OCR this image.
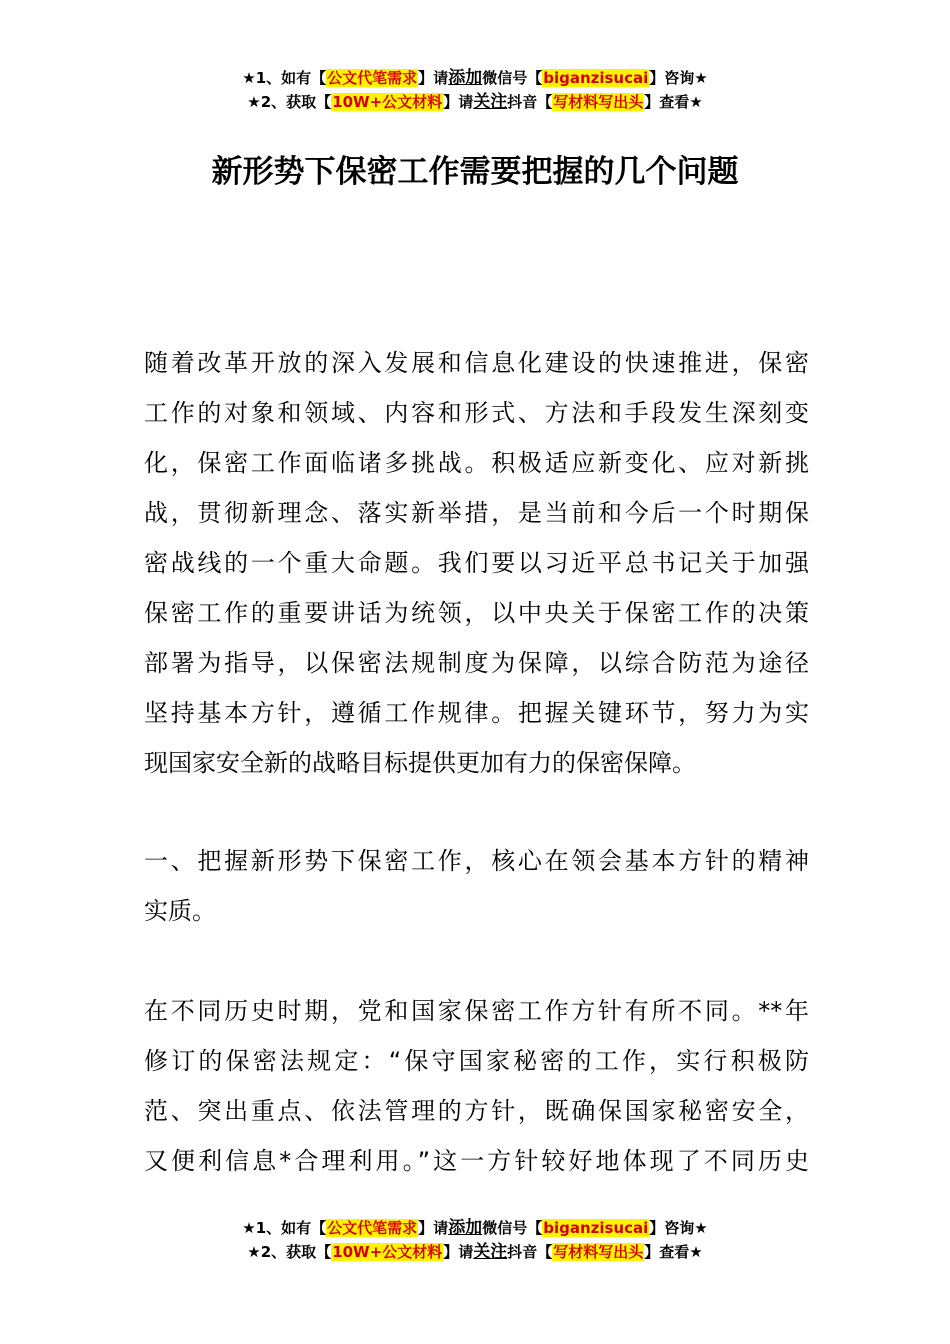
★1、如有【公文代笔需求】请添加微信号【biganzisucai】咨询★
★2、获取【10W+公文材料】请关注抖音【写材料写出头】查看★
新形势下保密工作需要把握的几个问题
随着改革开放的深入发展和信息化建设的快速推进，保密
工作的对象和领域、内容和形式、方法和手段发生深刻变
化，保密工作面临诸多挑战。积极适应新变化、应对新挑
战，贯彻新理念、落实新举措，是当前和今后一个时期保
密战线的一个重大命题。我们要以习近平总书记关于加强
保密工作的重要讲话为统领，以中央关于保密工作的决策
部署为指导，以保密法规制度为保障，以综合防范为途径
坚持基本方针，遵循工作规律。把握关键环节，努力为实
现国家安全新的战略目标提供更加有力的保密保障。
一、把握新形势下保密工作，核心在领会基本方针的精神
实质。
在不同历史时期，党和国家保密工作方针有所不同。**年
修订的保密法规定：“保守国家秘密的工作，实行积极防
范、突出重点、依法管理的方针，既确保国家秘密安全，
又便利信息*合理利用。”这一方针较好地体现了不同历史
★1、如有【公文代笔需求】请添加微信号【biganzisucai】咨询★
★2、获取【10W+公文材料】请关注抖音【写材料写出头】查看★
